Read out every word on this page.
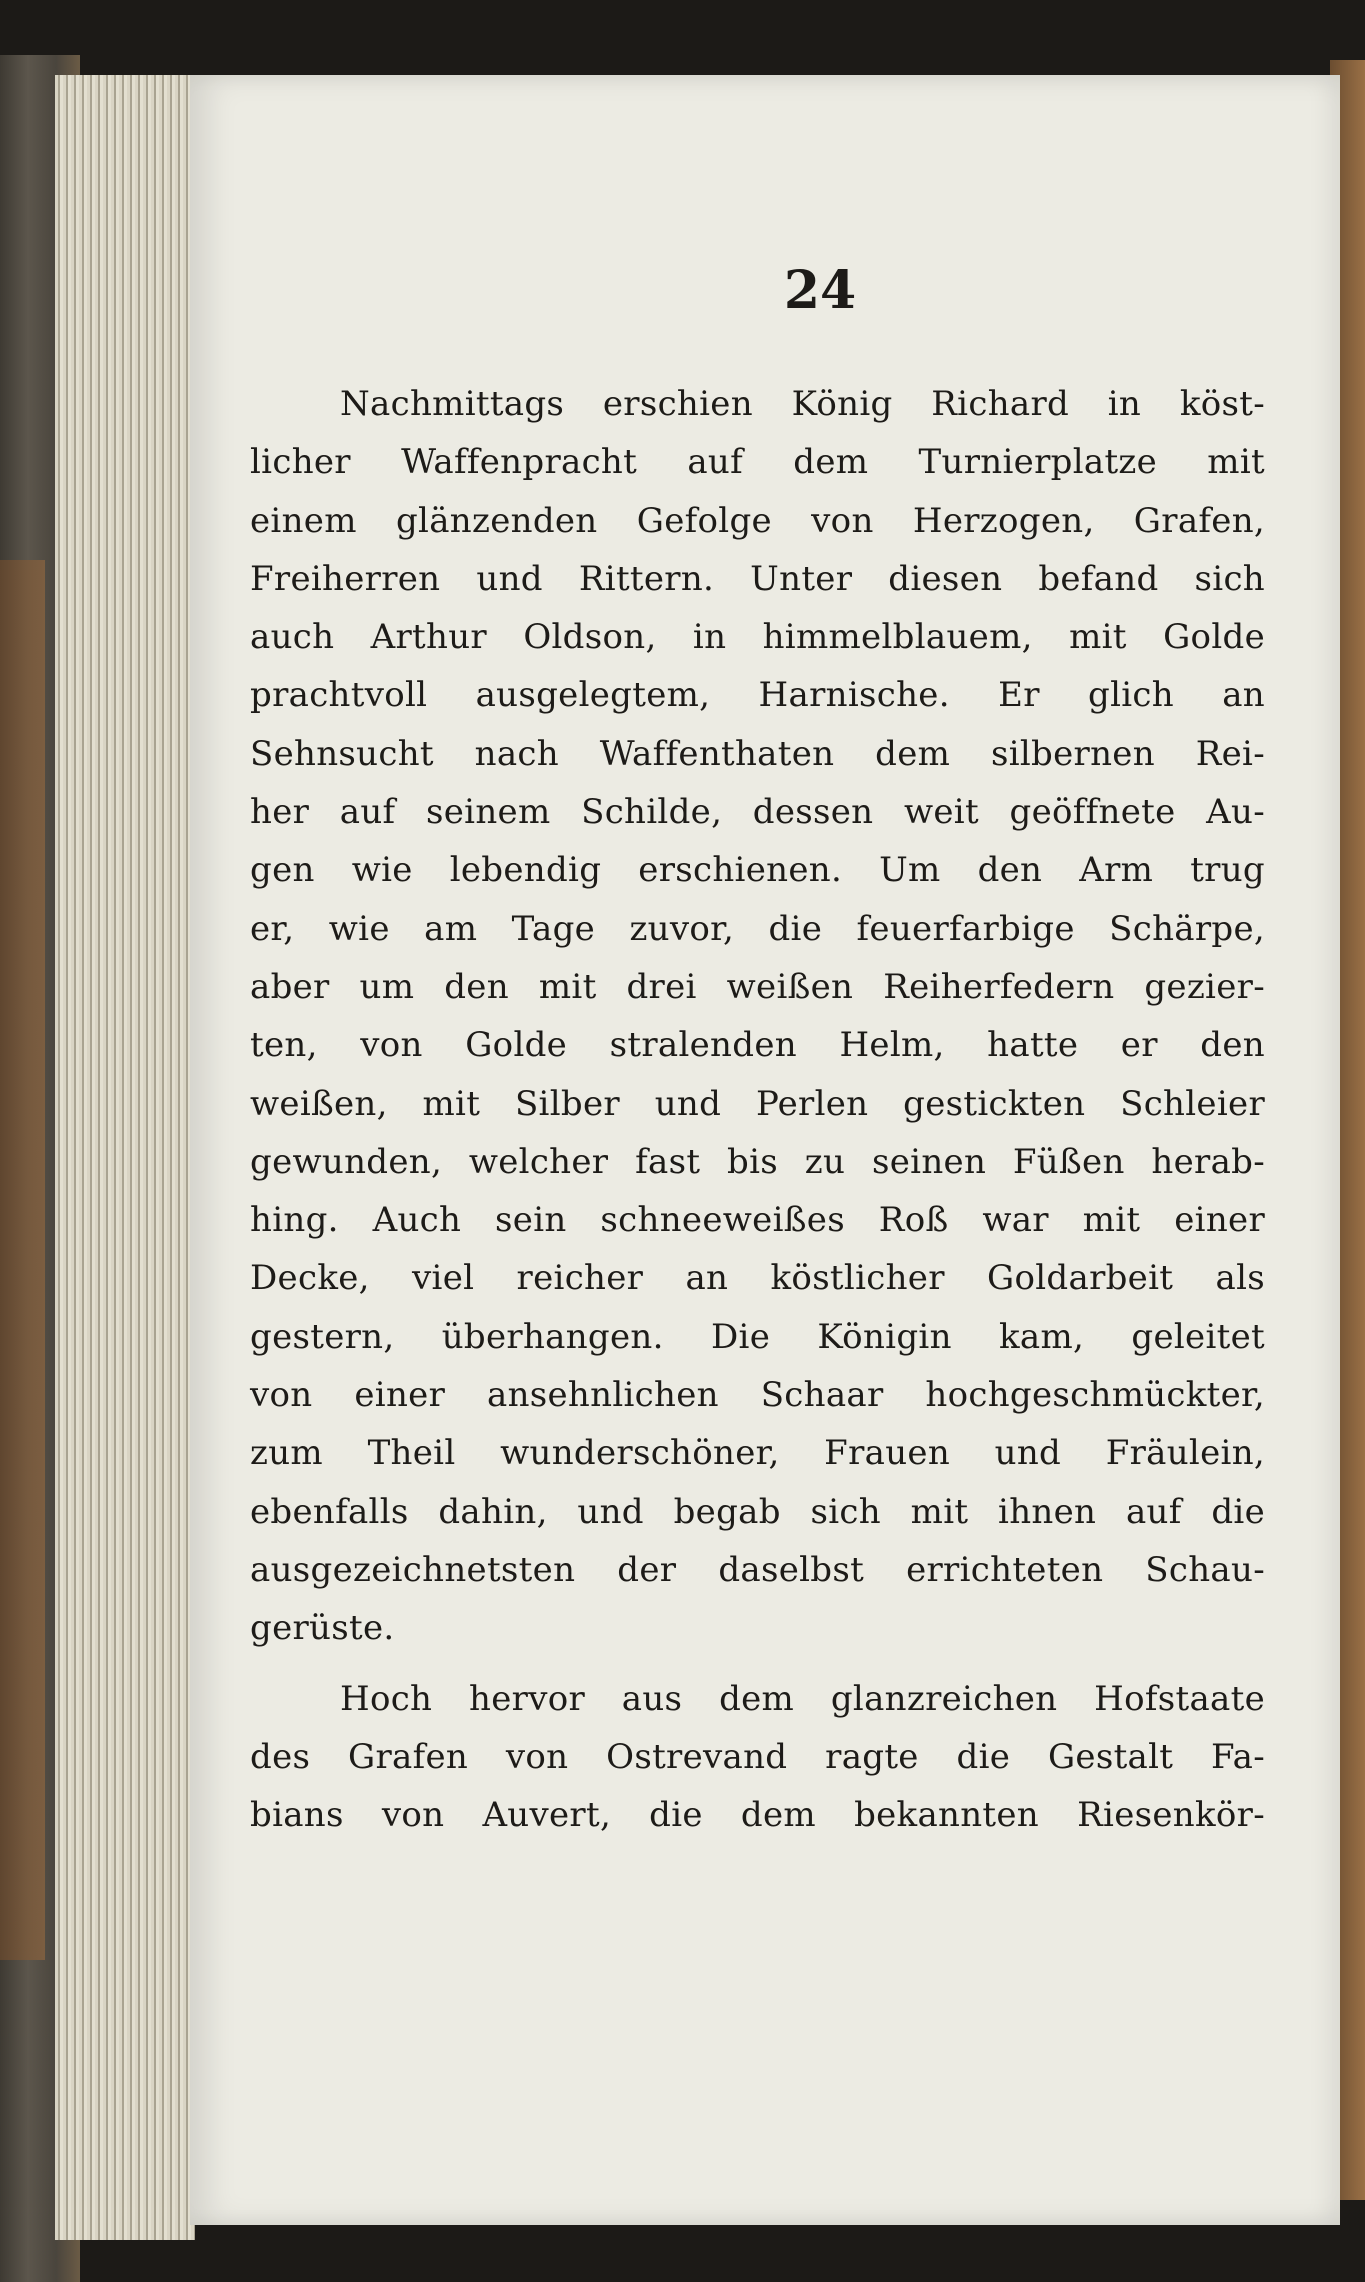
24
Nachmittags erschien König Richard in köst-
licher Waffenpracht auf dem Turnierplatze mit
einem glänzenden Gefolge von Herzogen, Grafen,
Freiherren und Rittern. Unter diesen befand sich
auch Arthur Oldson, in himmelblauem, mit Golde
prachtvoll ausgelegtem, Harnische. Er glich an
Sehnsucht nach Waffenthaten dem silbernen Rei-
her auf seinem Schilde, dessen weit geöffnete Au-
gen wie lebendig erschienen. Um den Arm trug
er, wie am Tage zuvor, die feuerfarbige Schärpe,
aber um den mit drei weißen Reiherfedern gezier-
ten, von Golde stralenden Helm, hatte er den
weißen, mit Silber und Perlen gestickten Schleier
gewunden, welcher fast bis zu seinen Füßen herab-
hing. Auch sein schneeweißes Roß war mit einer
Decke, viel reicher an köstlicher Goldarbeit als
gestern, überhangen. Die Königin kam, geleitet
von einer ansehnlichen Schaar hochgeschmückter,
zum Theil wunderschöner, Frauen und Fräulein,
ebenfalls dahin, und begab sich mit ihnen auf die
ausgezeichnetsten der daselbst errichteten Schau-
gerüste.
Hoch hervor aus dem glanzreichen Hofstaate
des Grafen von Ostrevand ragte die Gestalt Fa-
bians von Auvert, die dem bekannten Riesenkör-
